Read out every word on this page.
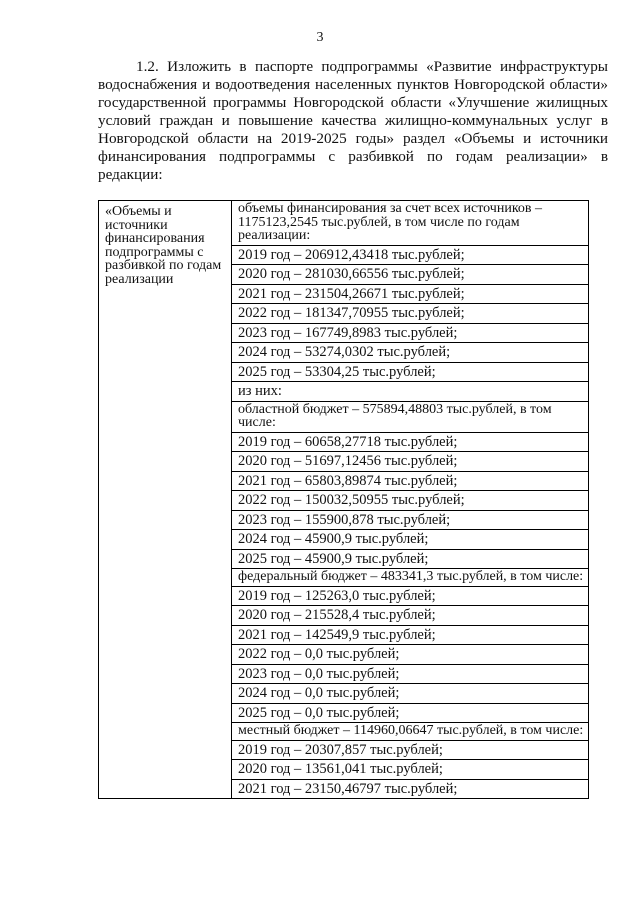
3

1.2. Изложить в паспорте подпрограммы «Развитие инфраструктуры водоснабжения и водоотведения населенных пунктов Новгородской области» государственной программы Новгородской области «Улучшение жилищных условий граждан и повышение качества жилищно-коммунальных услуг в Новгородской области на 2019-2025 годы» раздел «Объемы и источники финансирования подпрограммы с разбивкой по годам реализации» в редакции:

«Объемы и источники финансирования подпрограммы с разбивкой по годам реализации

объемы финансирования за счет всех источников – 1175123,2545 тыс.рублей, в том числе по годам реализации:
2019 год – 206912,43418 тыс.рублей;
2020 год – 281030,66556 тыс.рублей;
2021 год – 231504,26671 тыс.рублей;
2022 год – 181347,70955 тыс.рублей;
2023 год – 167749,8983 тыс.рублей;
2024 год – 53274,0302 тыс.рублей;
2025 год – 53304,25 тыс.рублей;
из них:
областной бюджет – 575894,48803 тыс.рублей, в том числе:
2019 год – 60658,27718 тыс.рублей;
2020 год – 51697,12456 тыс.рублей;
2021 год – 65803,89874 тыс.рублей;
2022 год – 150032,50955 тыс.рублей;
2023 год – 155900,878 тыс.рублей;
2024 год – 45900,9 тыс.рублей;
2025 год – 45900,9 тыс.рублей;
федеральный бюджет – 483341,3 тыс.рублей, в том числе:
2019 год – 125263,0 тыс.рублей;
2020 год – 215528,4 тыс.рублей;
2021 год – 142549,9 тыс.рублей;
2022 год – 0,0 тыс.рублей;
2023 год – 0,0 тыс.рублей;
2024 год – 0,0 тыс.рублей;
2025 год – 0,0 тыс.рублей;
местный бюджет – 114960,06647 тыс.рублей, в том числе:
2019 год – 20307,857 тыс.рублей;
2020 год – 13561,041 тыс.рублей;
2021 год – 23150,46797 тыс.рублей;
